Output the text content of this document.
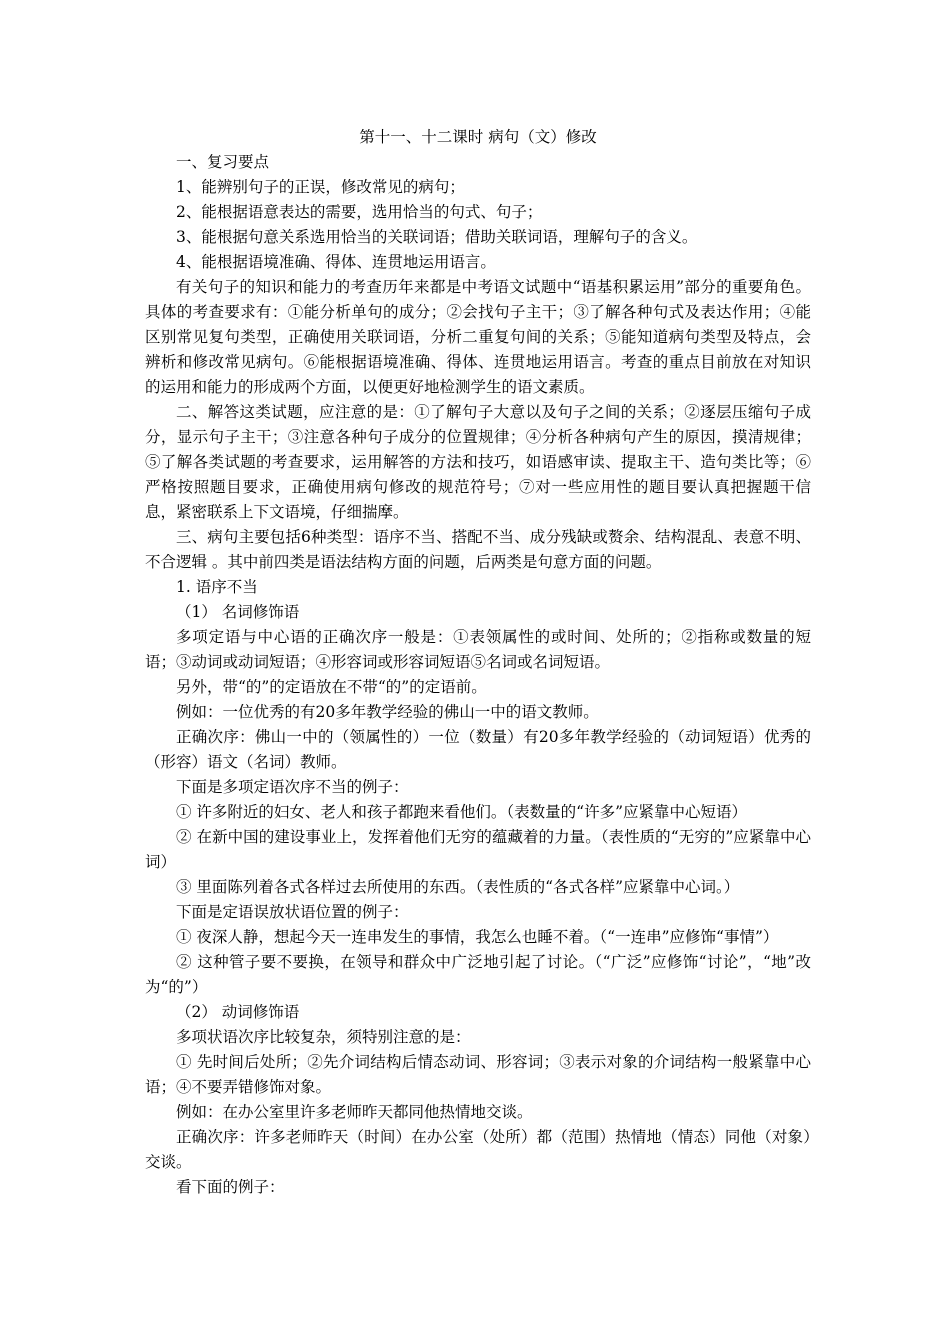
第十一、十二课时 病句（文）修改

一、复习要点

1、能辨别句子的正误，修改常见的病句；

2、能根据语意表达的需要，选用恰当的句式、句子；

3、能根据句意关系选用恰当的关联词语；借助关联词语，理解句子的含义。

4、能根据语境准确、得体、连贯地运用语言。

有关句子的知识和能力的考查历年来都是中考语文试题中“语基积累运用”部分的重要角色。具体的考查要求有：①能分析单句的成分；②会找句子主干；③了解各种句式及表达作用；④能区别常见复句类型，正确使用关联词语，分析二重复句间的关系；⑤能知道病句类型及特点，会辨析和修改常见病句。⑥能根据语境准确、得体、连贯地运用语言。考查的重点目前放在对知识的运用和能力的形成两个方面，以便更好地检测学生的语文素质。

二、解答这类试题，应注意的是：①了解句子大意以及句子之间的关系；②逐层压缩句子成分，显示句子主干；③注意各种句子成分的位置规律；④分析各种病句产生的原因，摸清规律；⑤了解各类试题的考查要求，运用解答的方法和技巧，如语感审读、提取主干、造句类比等；⑥严格按照题目要求，正确使用病句修改的规范符号；⑦对一些应用性的题目要认真把握题干信息，紧密联系上下文语境，仔细揣摩。

三、病句主要包括6种类型：语序不当、搭配不当、成分残缺或赘余、结构混乱、表意不明、不合逻辑 。其中前四类是语法结构方面的问题，后两类是句意方面的问题。

1. 语序不当

（1） 名词修饰语

多项定语与中心语的正确次序一般是：①表领属性的或时间、处所的；②指称或数量的短语；③动词或动词短语；④形容词或形容词短语⑤名词或名词短语。

另外，带“的”的定语放在不带“的”的定语前。

例如：一位优秀的有20多年教学经验的佛山一中的语文教师。

正确次序：佛山一中的（领属性的）一位（数量）有20多年教学经验的（动词短语）优秀的（形容）语文（名词）教师。

下面是多项定语次序不当的例子：

① 许多附近的妇女、老人和孩子都跑来看他们。（表数量的“许多”应紧靠中心短语）

② 在新中国的建设事业上，发挥着他们无穷的蕴藏着的力量。（表性质的“无穷的”应紧靠中心词）

③ 里面陈列着各式各样过去所使用的东西。（表性质的“各式各样”应紧靠中心词。）

下面是定语误放状语位置的例子：

① 夜深人静，想起今天一连串发生的事情，我怎么也睡不着。（“一连串”应修饰“事情”）

② 这种管子要不要换，在领导和群众中广泛地引起了讨论。（“广泛”应修饰“讨论”，“地”改为“的”）

（2） 动词修饰语

多项状语次序比较复杂，须特别注意的是：

① 先时间后处所；②先介词结构后情态动词、形容词；③表示对象的介词结构一般紧靠中心语；④不要弄错修饰对象。

例如：在办公室里许多老师昨天都同他热情地交谈。

正确次序：许多老师昨天（时间）在办公室（处所）都（范围）热情地（情态）同他（对象）交谈。

看下面的例子：
